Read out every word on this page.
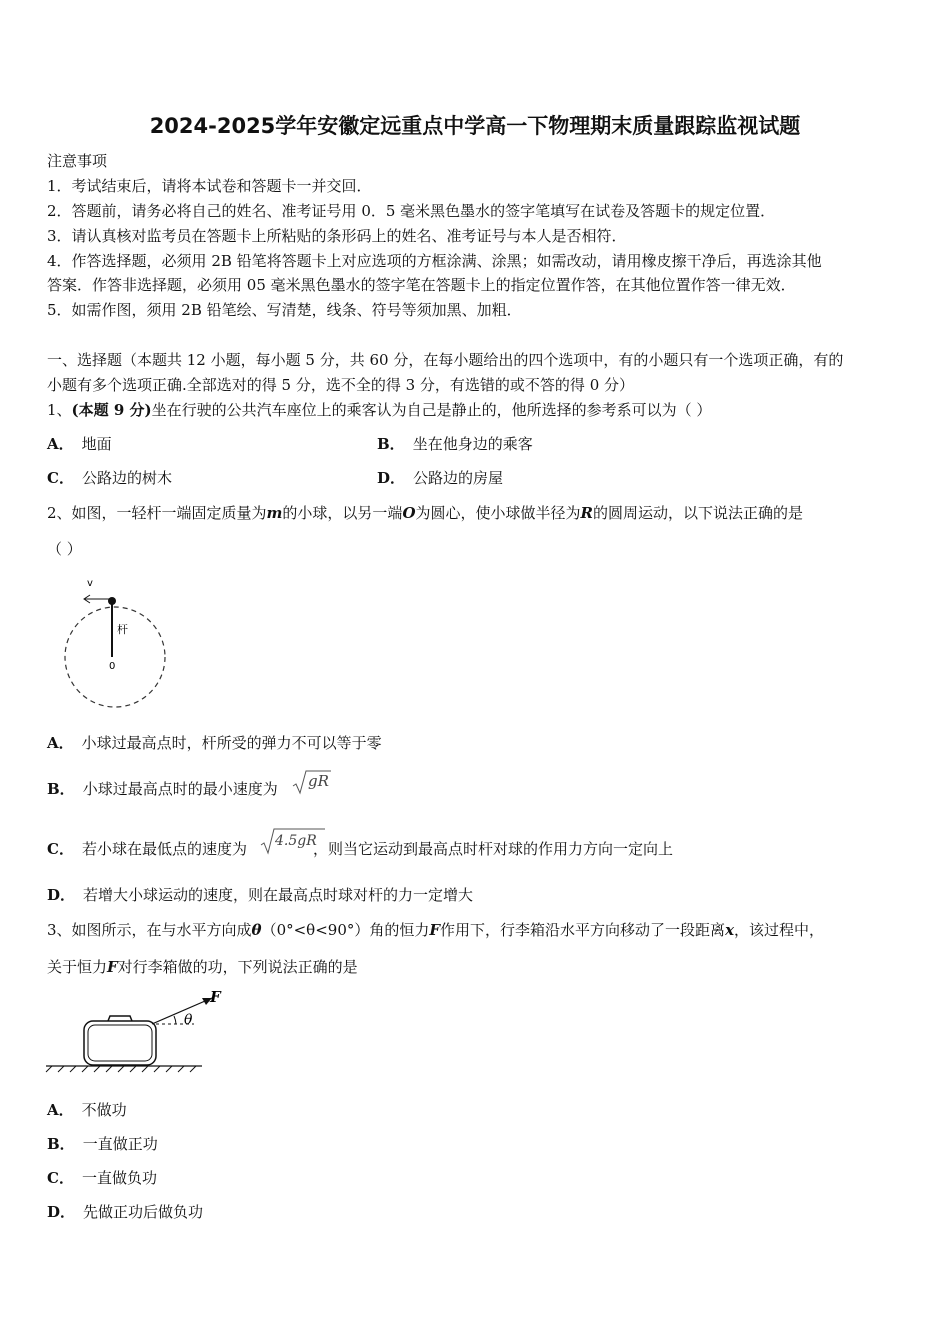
2024-2025学年安徽定远重点中学高一下物理期末质量跟踪监视试题
注意事项
1．考试结束后，请将本试卷和答题卡一并交回．
2．答题前，请务必将自己的姓名、准考证号用 0．5 毫米黑色墨水的签字笔填写在试卷及答题卡的规定位置．
3．请认真核对监考员在答题卡上所粘贴的条形码上的姓名、准考证号与本人是否相符．
4．作答选择题，必须用 2B 铅笔将答题卡上对应选项的方框涂满、涂黑；如需改动，请用橡皮擦干净后，再选涂其他
答案．作答非选择题，必须用 05 毫米黑色墨水的签字笔在答题卡上的指定位置作答，在其他位置作答一律无效．
5．如需作图，须用 2B 铅笔绘、写清楚，线条、符号等须加黑、加粗．
一、选择题（本题共 12 小题，每小题 5 分，共 60 分，在每小题给出的四个选项中，有的小题只有一个选项正确，有的
小题有多个选项正确.全部选对的得 5 分，选不全的得 3 分，有选错的或不答的得 0 分）
1、(本题 9 分)坐在行驶的公共汽车座位上的乘客认为自己是静止的，他所选择的参考系可以为（ ）
A． 地面	B． 坐在他身边的乘客
C． 公路边的树木	D． 公路边的房屋
2、如图，一轻杆一端固定质量为m的小球，以另一端O为圆心，使小球做半径为R的圆周运动，以下说法正确的是
（ ）
v
杆
0
A． 小球过最高点时，杆所受的弹力不可以等于零
B． 小球过最高点时的最小速度为 gR
C． 若小球在最低点的速度为	，则当它运动到最高点时杆对球的作用力方向一定向上
4.5gR
D． 若增大小球运动的速度，则在最高点时球对杆的力一定增大
3、如图所示，在与水平方向成θ（0°<θ<90°）角的恒力F作用下，行李箱沿水平方向移动了一段距离x，该过程中，
关于恒力F对行李箱做的功，下列说法正确的是
θ
F
A． 不做功
B． 一直做正功
C． 一直做负功
D． 先做正功后做负功
